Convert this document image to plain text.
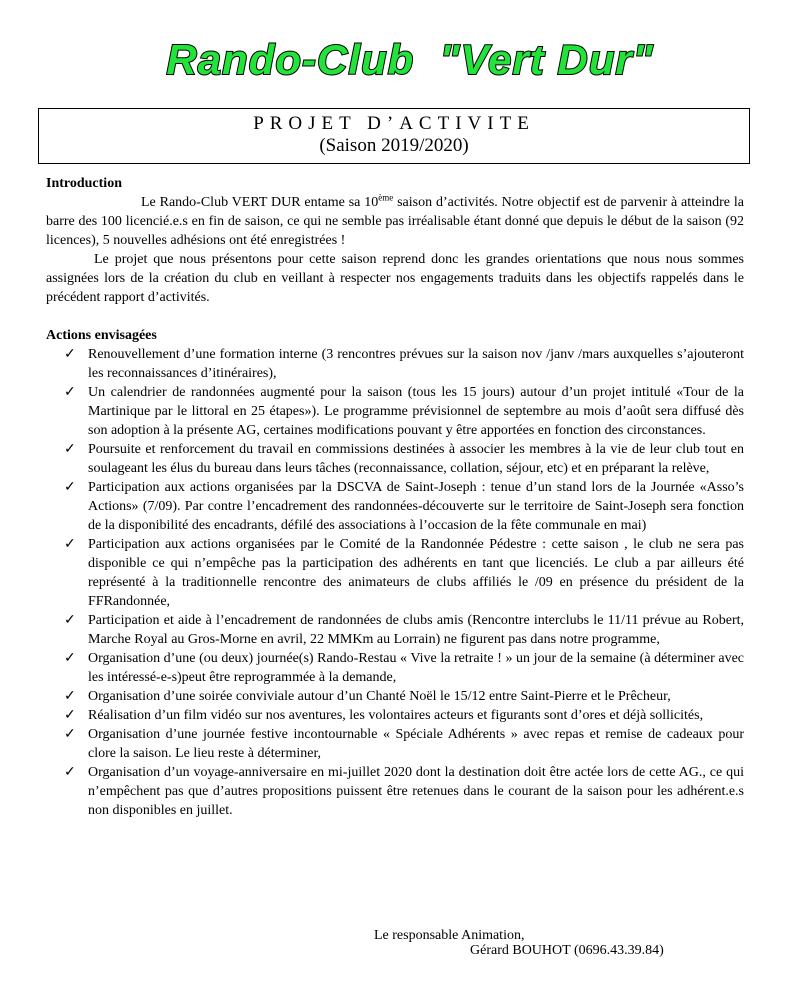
Rando-Club  "Vert Dur"
PROJET D’ACTIVITE
(Saison 2019/2020)
Introduction

Le Rando-Club VERT DUR entame sa 10ème saison d’activités. Notre objectif est de parvenir à atteindre la barre des 100 licencié.e.s en fin de saison, ce qui ne semble pas irréalisable étant donné que depuis le début de la saison (92 licences), 5 nouvelles adhésions ont été enregistrées !

Le projet que nous présentons pour cette saison reprend donc les grandes orientations que nous nous sommes assignées lors de la création du club en veillant à respecter nos engagements traduits dans les objectifs rappelés dans le précédent rapport d’activités.

Actions envisagées
✓ Renouvellement d’une formation interne (3 rencontres prévues sur la saison nov /janv /mars auxquelles s’ajouteront les reconnaissances d’itinéraires),
✓ Un calendrier de randonnées augmenté pour la saison (tous les 15 jours) autour d’un projet intitulé «Tour de la Martinique par le littoral en 25 étapes»). Le programme prévisionnel de septembre au mois d’août sera diffusé dès son adoption à la présente AG, certaines modifications pouvant y être apportées en fonction des circonstances.
✓ Poursuite et renforcement du travail en commissions destinées à associer les membres à la vie de leur club tout en soulageant les élus du bureau dans leurs tâches (reconnaissance, collation, séjour, etc) et en préparant la relève,
✓ Participation aux actions organisées par la DSCVA de Saint-Joseph : tenue d’un stand lors de la Journée «Asso’s Actions» (7/09). Par contre l’encadrement des randonnées-découverte sur le territoire de Saint-Joseph sera fonction de la disponibilité des encadrants, défilé des associations à l’occasion de la fête communale en mai)
✓ Participation aux actions organisées par le Comité de la Randonnée Pédestre : cette saison , le club ne sera pas disponible ce qui n’empêche pas la participation des adhérents en tant que licenciés. Le club a par ailleurs été représenté à la traditionnelle rencontre des animateurs de clubs affiliés le /09 en présence du président de la FFRandonnée,
✓ Participation et aide à l’encadrement de randonnées de clubs amis (Rencontre interclubs le 11/11 prévue au Robert, Marche Royal au Gros-Morne en avril, 22 MMKm au Lorrain) ne figurent pas dans notre programme,
✓ Organisation d’une (ou deux) journée(s) Rando-Restau « Vive la retraite ! » un jour de la semaine (à déterminer avec les intéressé-e-s)peut être reprogrammée à la demande,
✓ Organisation d’une soirée conviviale autour d’un Chanté Noël le 15/12 entre Saint-Pierre et le Prêcheur,
✓ Réalisation d’un film vidéo sur nos aventures, les volontaires acteurs et figurants sont d’ores et déjà sollicités,
✓ Organisation d’une journée festive incontournable « Spéciale Adhérents » avec repas et remise de cadeaux pour clore la saison. Le lieu reste à déterminer,
✓ Organisation d’un voyage-anniversaire en mi-juillet 2020 dont la destination doit être actée lors de cette AG., ce qui n’empêchent pas que d’autres propositions puissent être retenues dans le courant de la saison pour les adhérent.e.s non disponibles en juillet.
Le responsable Animation,
Gérard BOUHOT (0696.43.39.84)
